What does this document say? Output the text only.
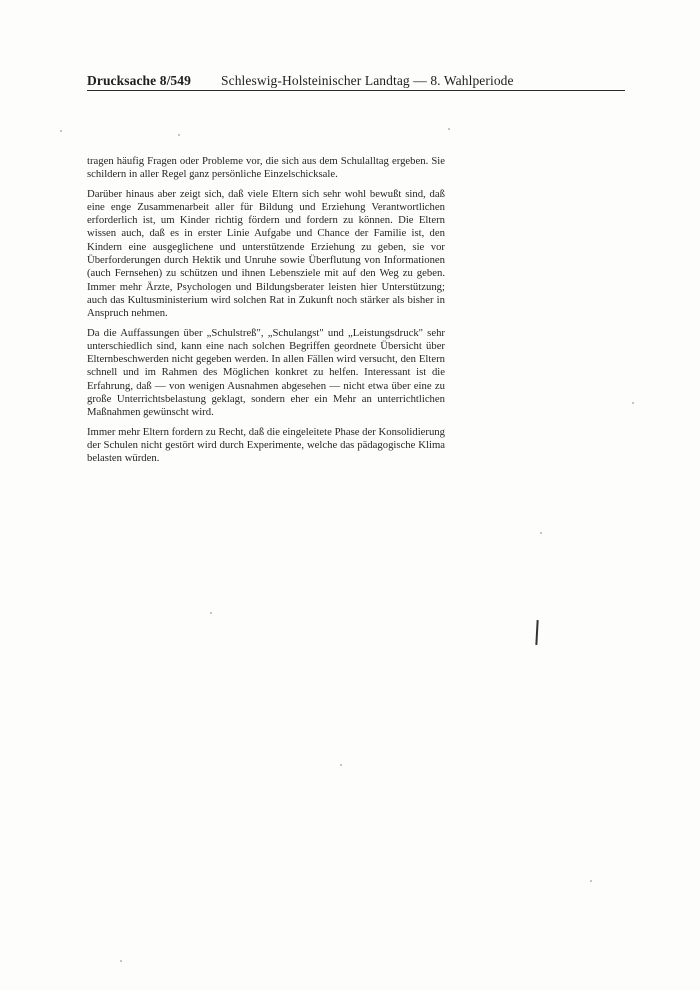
Drucksache 8/549 Schleswig-Holsteinischer Landtag — 8. Wahlperiode

tragen häufig Fragen oder Probleme vor, die sich aus dem Schulalltag ergeben. Sie schildern in aller Regel ganz persönliche Einzelschicksale.

Darüber hinaus aber zeigt sich, daß viele Eltern sich sehr wohl bewußt sind, daß eine enge Zusammenarbeit aller für Bildung und Erziehung Verantwortlichen erforderlich ist, um Kinder richtig fördern und fordern zu können. Die Eltern wissen auch, daß es in erster Linie Aufgabe und Chance der Familie ist, den Kindern eine ausgeglichene und unterstützende Erziehung zu geben, sie vor Überforderungen durch Hektik und Unruhe sowie Überflutung von Informationen (auch Fernsehen) zu schützen und ihnen Lebensziele mit auf den Weg zu geben. Immer mehr Ärzte, Psychologen und Bildungsberater leisten hier Unterstützung; auch das Kultusministerium wird solchen Rat in Zukunft noch stärker als bisher in Anspruch nehmen.

Da die Auffassungen über „Schulstreß", „Schulangst" und „Leistungsdruck" sehr unterschiedlich sind, kann eine nach solchen Begriffen geordnete Übersicht über Elternbeschwerden nicht gegeben werden. In allen Fällen wird versucht, den Eltern schnell und im Rahmen des Möglichen konkret zu helfen. Interessant ist die Erfahrung, daß — von wenigen Ausnahmen abgesehen — nicht etwa über eine zu große Unterrichtsbelastung geklagt, sondern eher ein Mehr an unterrichtlichen Maßnahmen gewünscht wird.

Immer mehr Eltern fordern zu Recht, daß die eingeleitete Phase der Konsolidierung der Schulen nicht gestört wird durch Experimente, welche das pädagogische Klima belasten würden.
